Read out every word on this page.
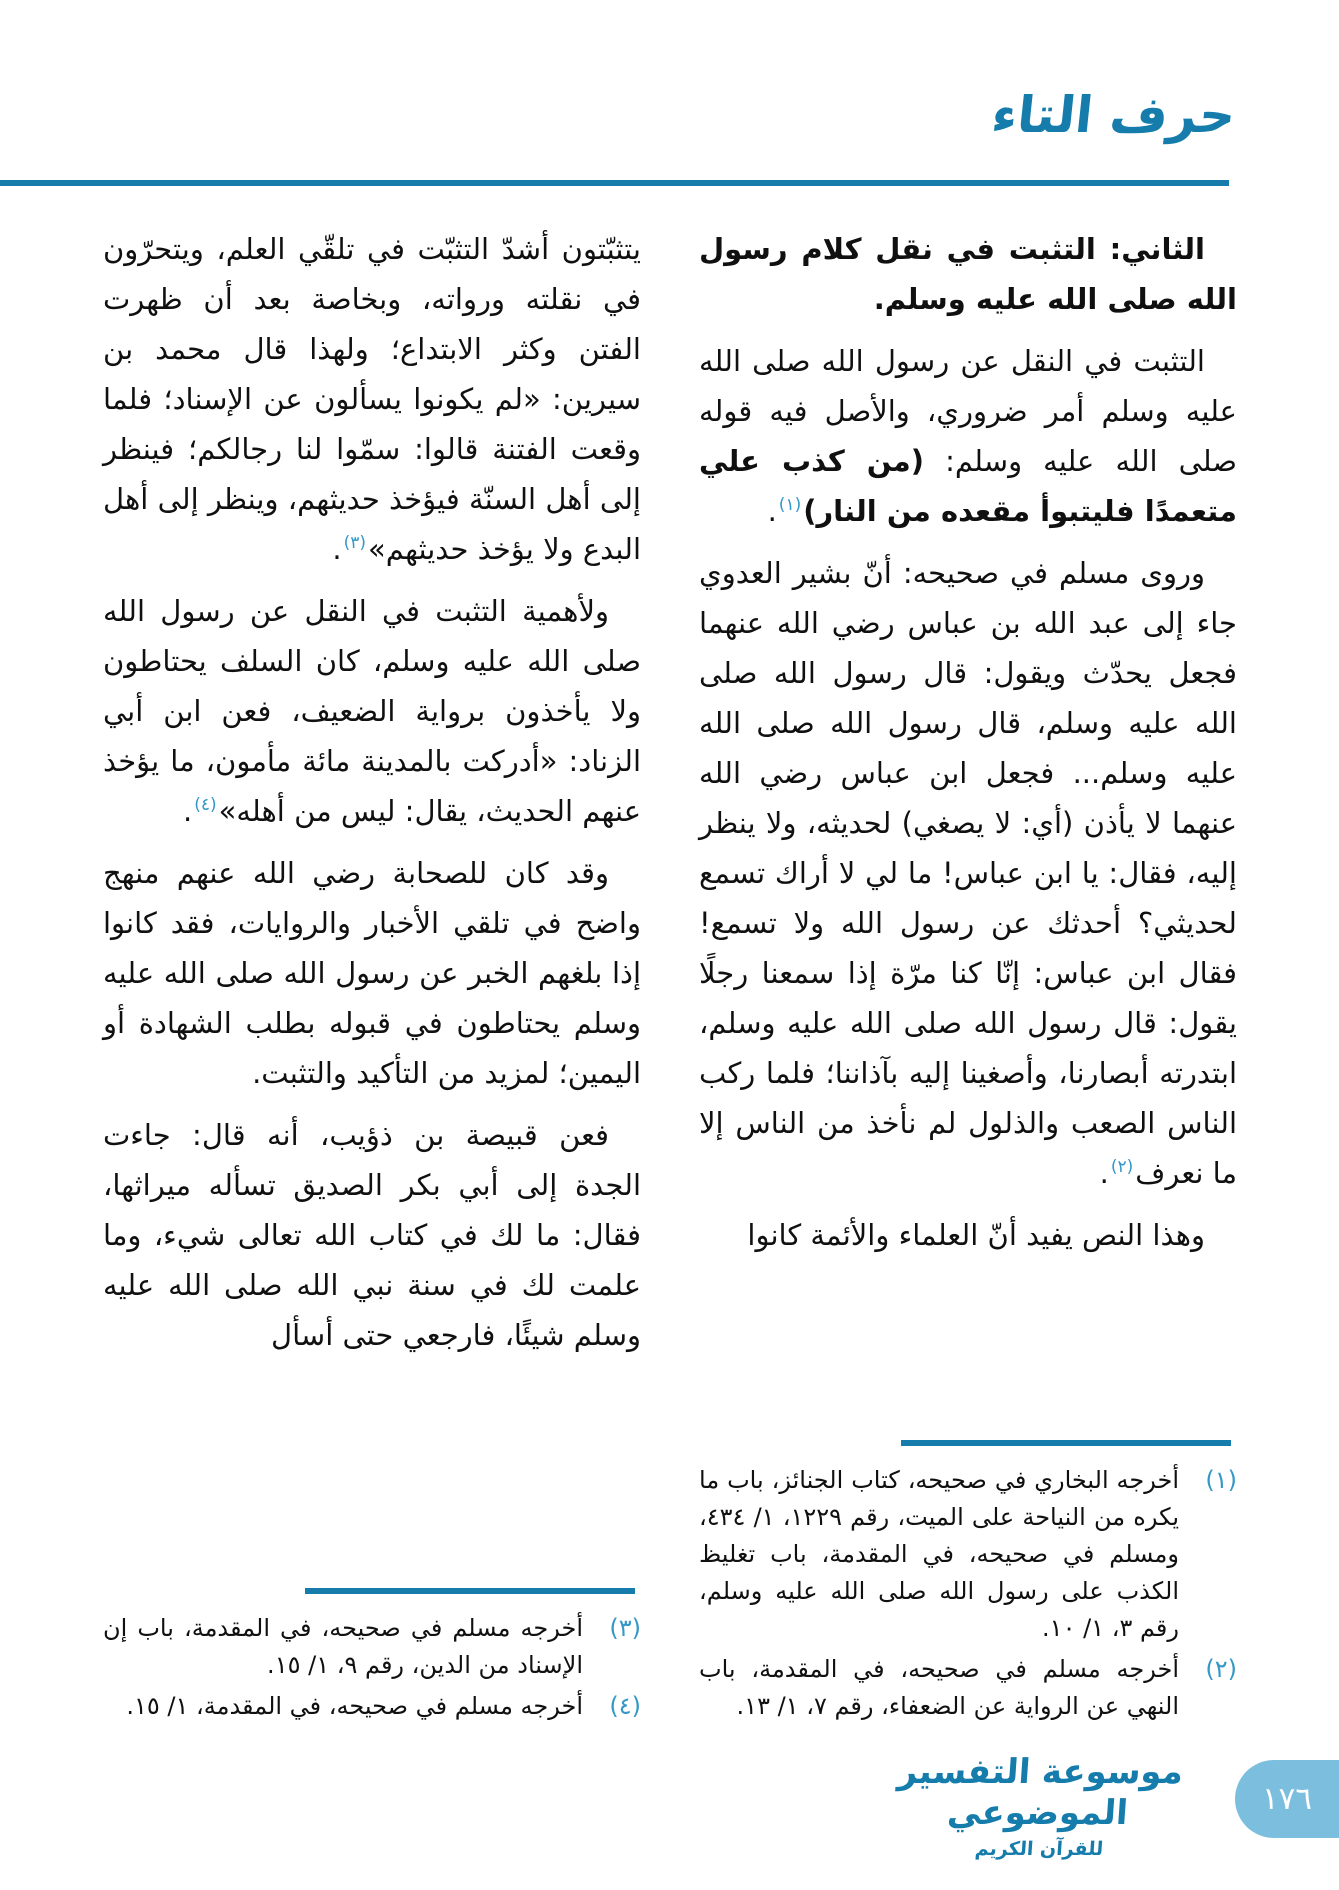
حرف التاء

الثاني: التثبت في نقل كلام رسول الله صلى الله عليه وسلم.

التثبت في النقل عن رسول الله صلى الله عليه وسلم أمر ضروري، والأصل فيه قوله صلى الله عليه وسلم: (من كذب علي متعمدًا فليتبوأ مقعده من النار)$^{(١)}$.

وروى مسلم في صحيحه: أنّ بشير العدوي جاء إلى عبد الله بن عباس رضي الله عنهما فجعل يحدّث ويقول: قال رسول الله صلى الله عليه وسلم، قال رسول الله صلى الله عليه وسلم... فجعل ابن عباس رضي الله عنهما لا يأذن (أي: لا يصغي) لحديثه، ولا ينظر إليه، فقال: يا ابن عباس! ما لي لا أراك تسمع لحديثي؟ أحدثك عن رسول الله ولا تسمع! فقال ابن عباس: إنّا كنا مرّة إذا سمعنا رجلًا يقول: قال رسول الله صلى الله عليه وسلم، ابتدرته أبصارنا، وأصغينا إليه بآذاننا؛ فلما ركب الناس الصعب والذلول لم نأخذ من الناس إلا ما نعرف$^{(٢)}$.

وهذا النص يفيد أنّ العلماء والأئمة كانوا

(١)
أخرجه البخاري في صحيحه، كتاب الجنائز، باب ما يكره من النياحة على الميت، رقم ١٢٢٩، ١/ ٤٣٤، ومسلم في صحيحه، في المقدمة، باب تغليظ الكذب على رسول الله صلى الله عليه وسلم، رقم ٣، ١/ ١٠.
(٢)
أخرجه مسلم في صحيحه، في المقدمة، باب النهي عن الرواية عن الضعفاء، رقم ٧، ١/ ١٣.

يتثبّتون أشدّ التثبّت في تلقّي العلم، ويتحرّون في نقلته ورواته، وبخاصة بعد أن ظهرت الفتن وكثر الابتداع؛ ولهذا قال محمد بن سيرين: «لم يكونوا يسألون عن الإسناد؛ فلما وقعت الفتنة قالوا: سمّوا لنا رجالكم؛ فينظر إلى أهل السنّة فيؤخذ حديثهم، وينظر إلى أهل البدع ولا يؤخذ حديثهم»$^{(٣)}$.

ولأهمية التثبت في النقل عن رسول الله صلى الله عليه وسلم، كان السلف يحتاطون ولا يأخذون برواية الضعيف، فعن ابن أبي الزناد: «أدركت بالمدينة مائة مأمون، ما يؤخذ عنهم الحديث، يقال: ليس من أهله»$^{(٤)}$.

وقد كان للصحابة رضي الله عنهم منهج واضح في تلقي الأخبار والروايات، فقد كانوا إذا بلغهم الخبر عن رسول الله صلى الله عليه وسلم يحتاطون في قبوله بطلب الشهادة أو اليمين؛ لمزيد من التأكيد والتثبت.

فعن قبيصة بن ذؤيب، أنه قال: جاءت الجدة إلى أبي بكر الصديق تسأله ميراثها، فقال: ما لك في كتاب الله تعالى شيء، وما علمت لك في سنة نبي الله صلى الله عليه وسلم شيئًا، فارجعي حتى أسأل

(٣)
أخرجه مسلم في صحيحه، في المقدمة، باب إن الإسناد من الدين، رقم ٩، ١/ ١٥.
(٤)
أخرجه مسلم في صحيحه، في المقدمة، ١/ ١٥.
موسوعة التفسير الموضوعي
للقرآن الكريم
١٧٦
